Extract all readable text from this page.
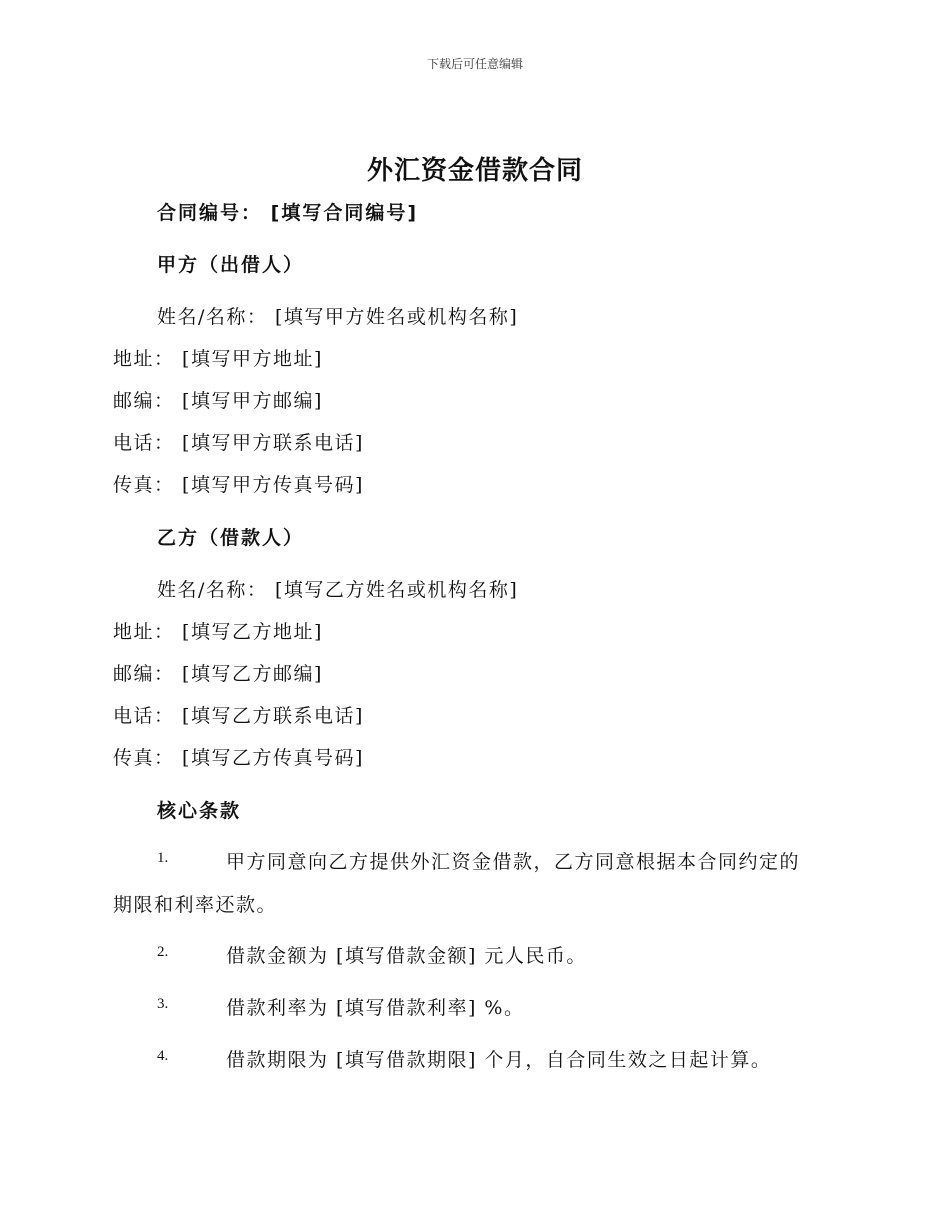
下载后可任意编辑
外汇资金借款合同
合同编号： [填写合同编号]
甲方（出借人）
姓名/名称： [填写甲方姓名或机构名称]
地址： [填写甲方地址]
邮编： [填写甲方邮编]
电话： [填写甲方联系电话]
传真： [填写甲方传真号码]
乙方（借款人）
姓名/名称： [填写乙方姓名或机构名称]
地址： [填写乙方地址]
邮编： [填写乙方邮编]
电话： [填写乙方联系电话]
传真： [填写乙方传真号码]
核心条款
1.	甲方同意向乙方提供外汇资金借款，乙方同意根据本合同约定的
期限和利率还款。
2.	借款金额为 [填写借款金额] 元人民币。
3.	借款利率为 [填写借款利率] %。
4.	借款期限为 [填写借款期限] 个月，自合同生效之日起计算。
